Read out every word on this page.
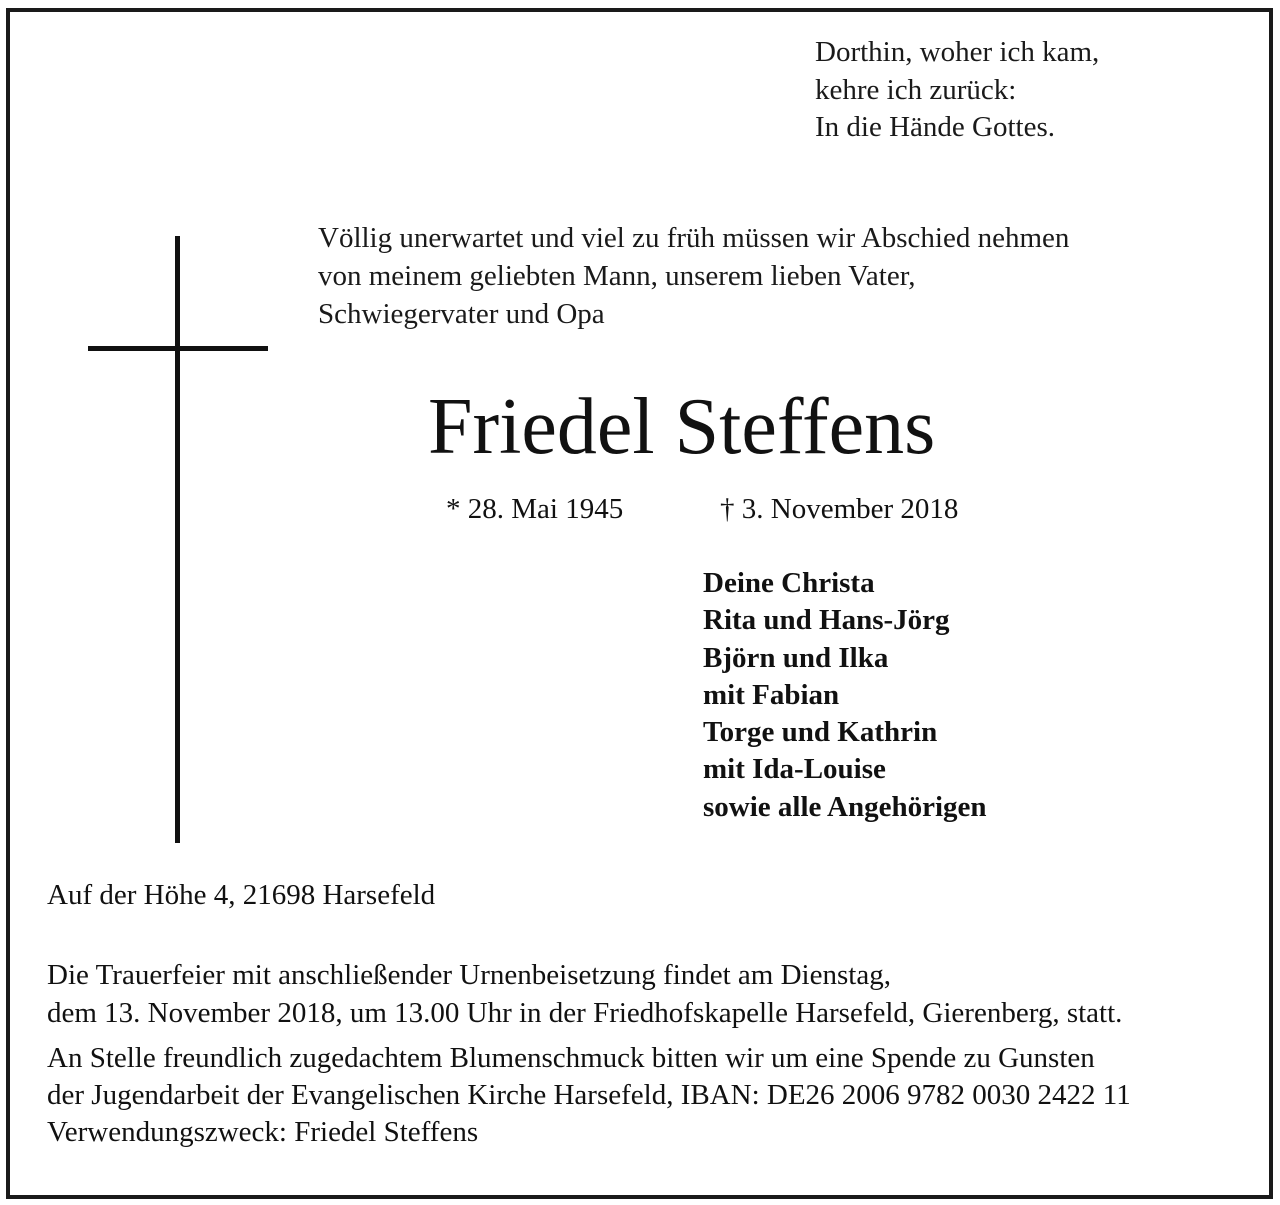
Dorthin, woher ich kam,
kehre ich zurück:
In die Hände Gottes.
Völlig unerwartet und viel zu früh müssen wir Abschied nehmen
von meinem geliebten Mann, unserem lieben Vater,
Schwiegervater und Opa
Friedel Steffens
* 28. Mai 1945	† 3. November 2018
Deine Christa
Rita und Hans-Jörg
Björn und Ilka
mit Fabian
Torge und Kathrin
mit Ida-Louise
sowie alle Angehörigen
Auf der Höhe 4, 21698 Harsefeld
Die Trauerfeier mit anschließender Urnenbeisetzung findet am Dienstag,
dem 13. November 2018, um 13.00 Uhr in der Friedhofskapelle Harsefeld, Gierenberg, statt.
An Stelle freundlich zugedachtem Blumenschmuck bitten wir um eine Spende zu Gunsten
der Jugendarbeit der Evangelischen Kirche Harsefeld, IBAN: DE26 2006 9782 0030 2422 11
Verwendungszweck: Friedel Steffens
